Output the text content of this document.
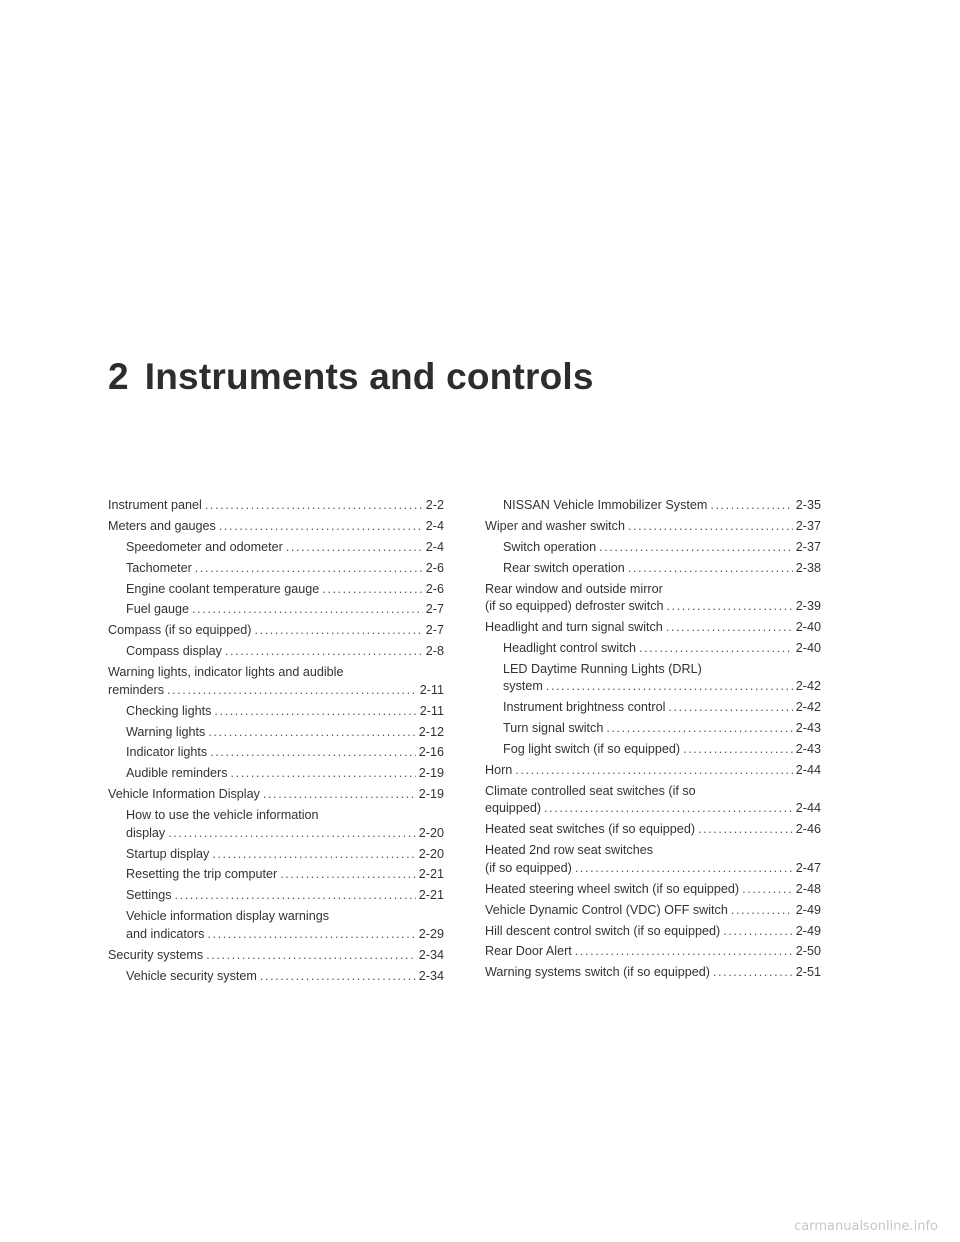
2 Instruments and controls
Instrument panel .....	2-2
Meters and gauges .....	2-4
Speedometer and odometer .....	2-4
Tachometer .....	2-6
Engine coolant temperature gauge .....	2-6
Fuel gauge .....	2-7
Compass (if so equipped) .....	2-7
Compass display .....	2-8
Warning lights, indicator lights and audible
reminders .....	2-11
Checking lights .....	2-11
Warning lights .....	2-12
Indicator lights .....	2-16
Audible reminders .....	2-19
Vehicle Information Display .....	2-19
How to use the vehicle information
display .....	2-20
Startup display .....	2-20
Resetting the trip computer .....	2-21
Settings .....	2-21
Vehicle information display warnings
and indicators .....	2-29
Security systems .....	2-34
Vehicle security system .....	2-34
NISSAN Vehicle Immobilizer System .....	2-35
Wiper and washer switch .....	2-37
Switch operation .....	2-37
Rear switch operation .....	2-38
Rear window and outside mirror
(if so equipped) defroster switch .....	2-39
Headlight and turn signal switch .....	2-40
Headlight control switch .....	2-40
LED Daytime Running Lights (DRL)
system .....	2-42
Instrument brightness control .....	2-42
Turn signal switch .....	2-43
Fog light switch (if so equipped) .....	2-43
Horn .....	2-44
Climate controlled seat switches (if so
equipped) .....	2-44
Heated seat switches (if so equipped) .....	2-46
Heated 2nd row seat switches
(if so equipped) .....	2-47
Heated steering wheel switch (if so equipped) .....	2-48
Vehicle Dynamic Control (VDC) OFF switch .....	2-49
Hill descent control switch (if so equipped) .....	2-49
Rear Door Alert .....	2-50
Warning systems switch (if so equipped) .....	2-51
carmanualsonline.info
